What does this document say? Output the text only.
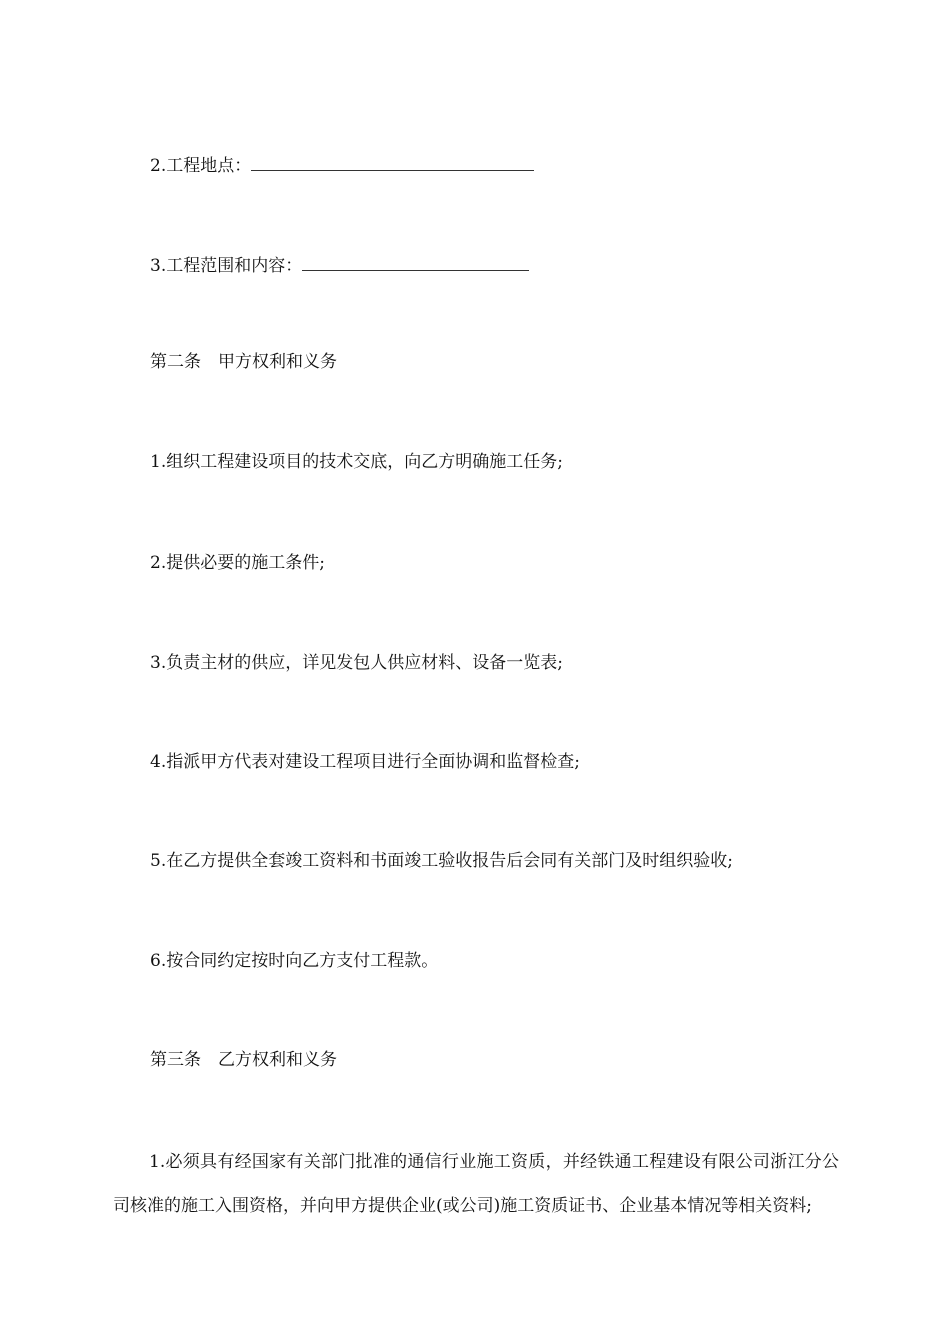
2.工程地点：
3.工程范围和内容：
第二条　甲方权利和义务
1.组织工程建设项目的技术交底，向乙方明确施工任务;
2.提供必要的施工条件;
3.负责主材的供应，详见发包人供应材料、设备一览表;
4.指派甲方代表对建设工程项目进行全面协调和监督检查;
5.在乙方提供全套竣工资料和书面竣工验收报告后会同有关部门及时组织验收;
6.按合同约定按时向乙方支付工程款。
第三条　乙方权利和义务
1.必须具有经国家有关部门批准的通信行业施工资质，并经铁通工程建设有限公司浙江分公司核准的施工入围资格，并向甲方提供企业(或公司)施工资质证书、企业基本情况等相关资料;
